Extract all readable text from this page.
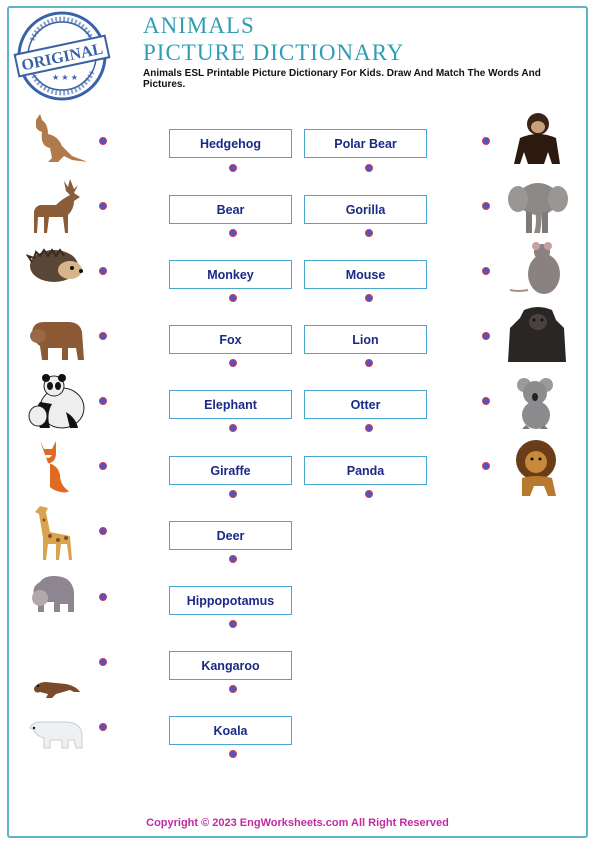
ORIGINAL
★ ★ ★
ANIMALS
PICTURE DICTIONARY
Animals ESL Printable Picture Dictionary For Kids. Draw And Match The Words And Pictures.
Hedgehog
Bear
Monkey
Fox
Elephant
Giraffe
Deer
Hippopotamus
Kangaroo
Koala
Polar Bear
Gorilla
Mouse
Lion
Otter
Panda
Copyright © 2023 EngWorksheets.com All Right Reserved
